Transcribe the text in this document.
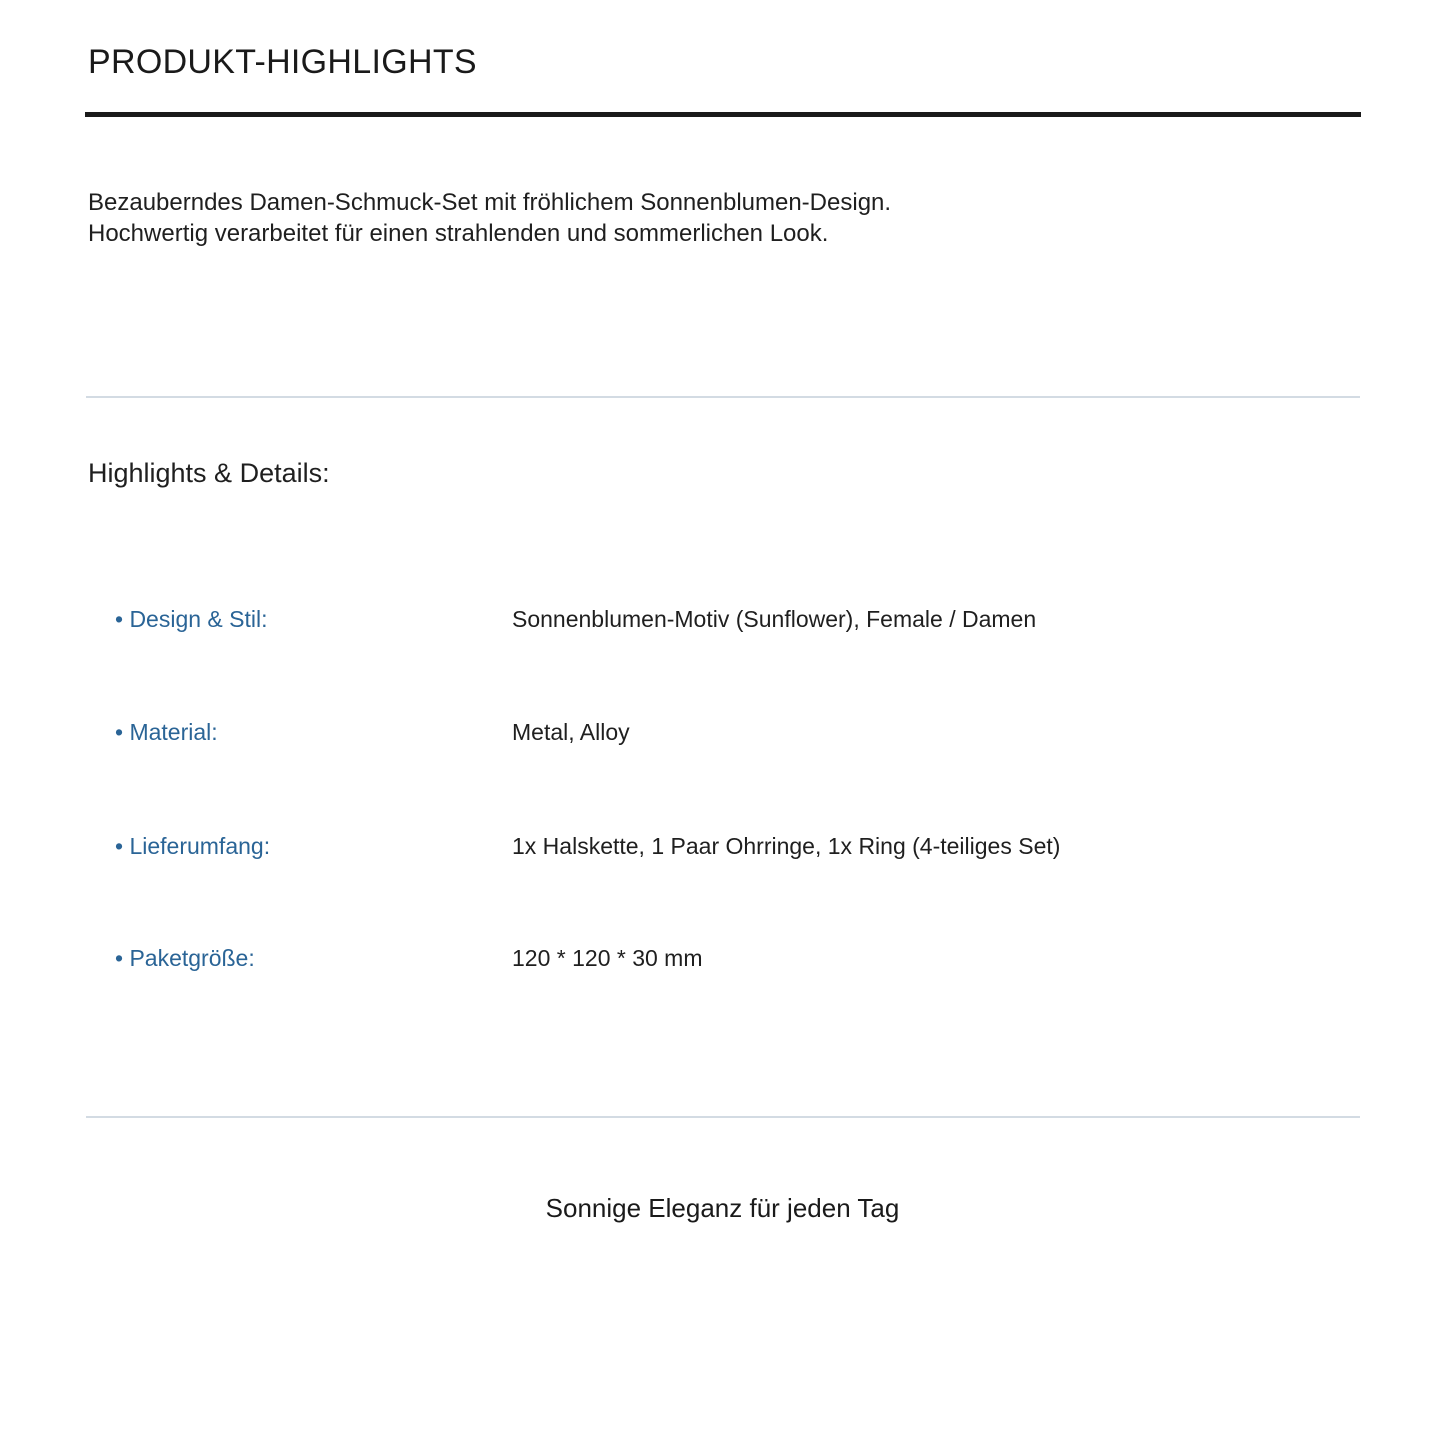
PRODUKT-HIGHLIGHTS

Bezauberndes Damen-Schmuck-Set mit fröhlichem Sonnenblumen-Design.
Hochwertig verarbeitet für einen strahlenden und sommerlichen Look.

Highlights & Details:
• Design & Stil:	Sonnenblumen-Motiv (Sunflower), Female / Damen
• Material:	Metal, Alloy
• Lieferumfang:	1x Halskette, 1 Paar Ohrringe, 1x Ring (4-teiliges Set)
• Paketgröße:	120 * 120 * 30 mm

Sonnige Eleganz für jeden Tag
